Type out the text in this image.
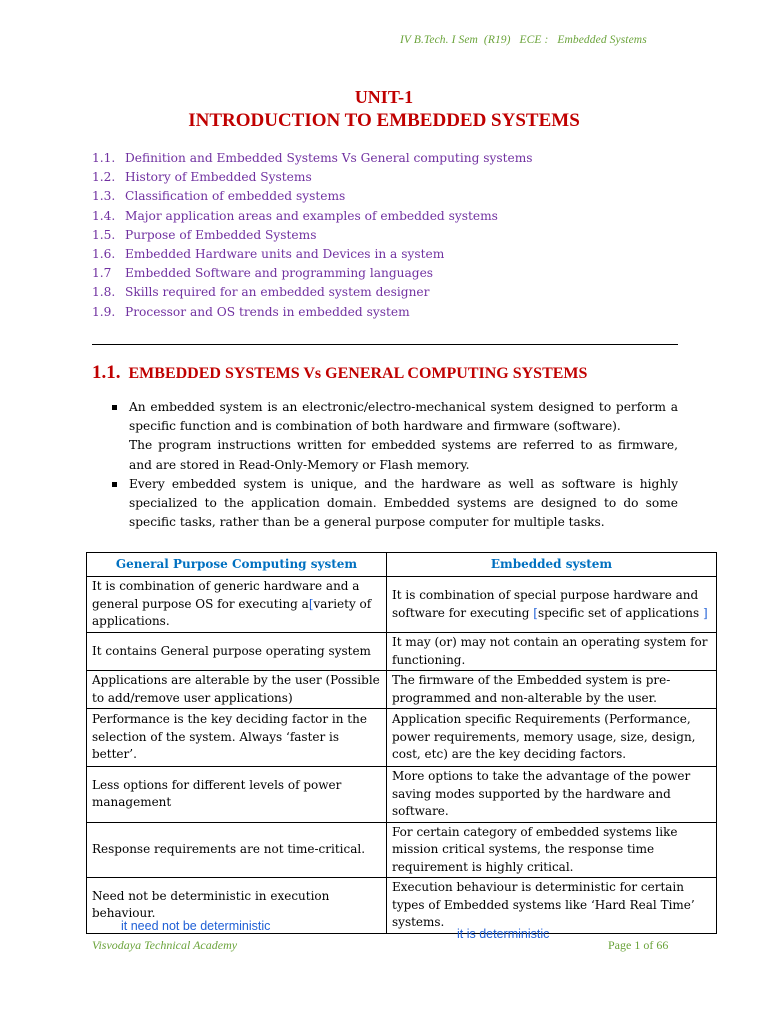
IV B.Tech. I Sem  (R19)   ECE :   Embedded Systems
UNIT-1
INTRODUCTION TO EMBEDDED SYSTEMS
1.1. Definition and Embedded Systems Vs General computing systems
1.2. History of Embedded Systems
1.3. Classification of embedded systems
1.4. Major application areas and examples of embedded systems
1.5. Purpose of Embedded Systems
1.6. Embedded Hardware units and Devices in a system
1.7 Embedded Software and programming languages
1.8. Skills required for an embedded system designer
1.9. Processor and OS trends in embedded system
1.1. EMBEDDED SYSTEMS Vs GENERAL COMPUTING SYSTEMS
An embedded system is an electronic/electro-mechanical system designed to perform a specific function and is combination of both hardware and firmware (software).
The program instructions written for embedded systems are referred to as firmware, and are stored in Read-Only-Memory or Flash memory.
Every embedded system is unique, and the hardware as well as software is highly specialized to the application domain. Embedded systems are designed to do some specific tasks, rather than be a general purpose computer for multiple tasks.
General Purpose Computing system	Embedded system
It is combination of generic hardware and a general purpose OS for executing a[variety of applications.	It is combination of special purpose hardware and software for executing [specific set of applications ]
It contains General purpose operating system	It may (or) may not contain an operating system for functioning.
Applications are alterable by the user (Possible to add/remove user applications)	The firmware of the Embedded system is pre-programmed and non-alterable by the user.
Performance is the key deciding factor in the selection of the system. Always ‘faster is better’.	Application specific Requirements (Performance, power requirements, memory usage, size, design, cost, etc) are the key deciding factors.
Less options for different levels of power management	More options to take the advantage of the power saving modes supported by the hardware and software.
Response requirements are not time-critical.	For certain category of embedded systems like mission critical systems, the response time requirement is highly critical.
Need not be deterministic in execution behaviour.	Execution behaviour is deterministic for certain types of Embedded systems like ‘Hard Real Time’ systems.
it need not be deterministic
it is deterministic
Visvodaya Technical Academy	Page 1 of 66
